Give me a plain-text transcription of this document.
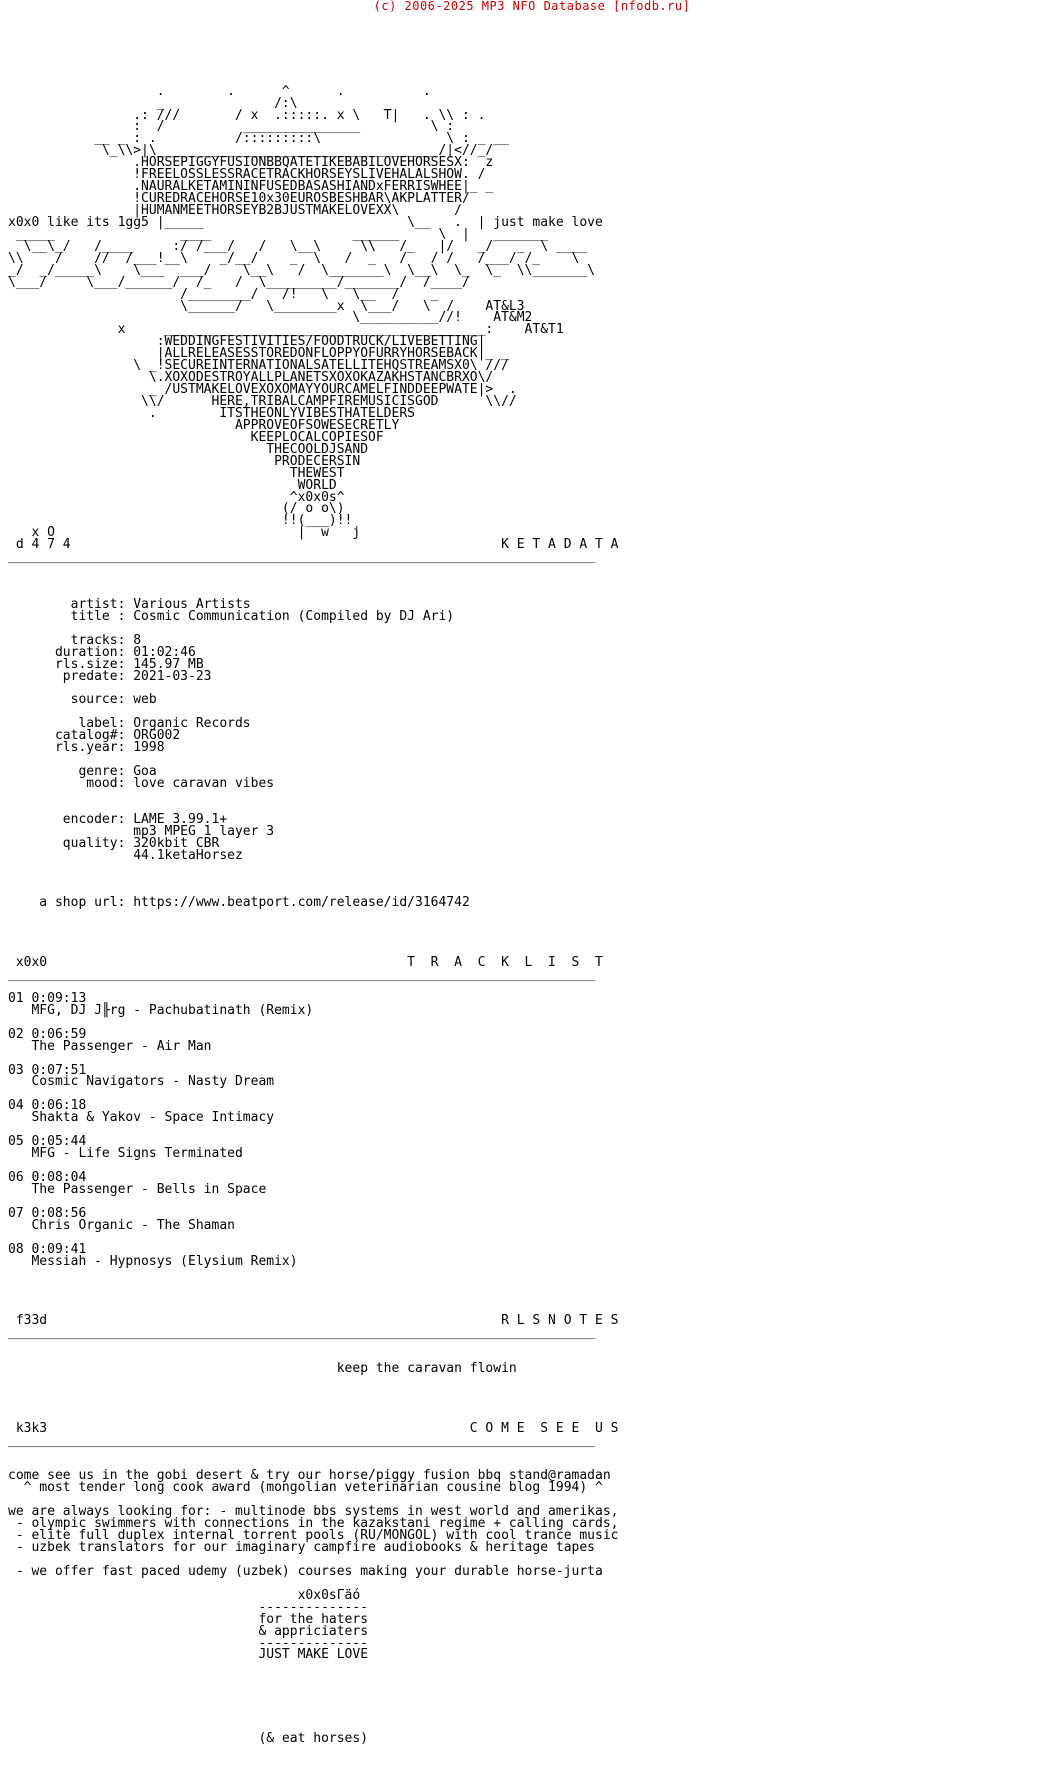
(c) 2006-2025 MP3 NFO Database [nfodb.ru]

.        .      ^      .          .
_              /:\           _
.: ///       / x  .:::::. x \   T|   . \\ : .
:  /          _______________         \ :
__ _ : .          /:::::::::\                \ : _ __
\_\\>|\____________________________________/|<//_/
.HORSEPIGGYFUSIONBBQATETIKEBABILOVEHORSESX:  z
!FREELOSSLESSRACETRACKHORSEYSLIVEHALALSHOW. /
.NAURALKETAMININFUSEDBASASHIANDxFERRISWHEE|_ _
!CUREDRACEHORSE10x30EUROSBESHBAR\AKPLATTER/
|HUMANMEETHORSEYB2BJUSTMAKELOVEXX\       /
x0x0 like its 1gg5 |_____                          \__   .  | just make love
_____                ____                  ______     \  |   _______
\__\_/   /____     :/ /___/   /   \__\     \\   /_   |/   _/   _  \ ____
\\    /    //  /___!__\    _/__/    _  \   /  _   /   / /   /___/ /_    \
_/  _/_____\    \___  ___/    \__\   /  \_______\  \__\  \_  \_  \\_______\
\___/     \___/______/  /_   /  \_________/_______/  /____/
/________/   /!   \   \__  /    _
\______/   \________x  \___/   \  /    AT&L3
\__________//!    AT&M2
x     _________________________________________:    AT&T1
:WEDDINGFESTIVITIES/FOODTRUCK/LIVEBETTING|
|ALLRELEASESSTOREDONFLOPPYOFURRYHORSEBACK|_ _
\ _!SECUREINTERNATIONALSATELLITEHQSTREAMSX0\ ///
\.XOXODESTROYALLPLANETSXOXOKAZAKHSTANCBRXO\/
_ /USTMAKELOVEXOXOMAYYOURCAMELFINDDEEPWATE|>  .
\\/      HERE,TRIBALCAMPFIREMUSICISGOD      \\//
.        ITSTHEONLYVIBESTHATELDERS
APPROVEOFSOWESECRETLY
KEEPLOCALCOPIESOF
THECOOLDJSAND
PRODECERSIN
THEWEST
WORLD
^x0x0s^
(/ o o\)
!!(___)!!
x O                               |  w   j
d 4 7 4                                                       K E T A D A T A
___________________________________________________________________________

artist: Various Artists
title : Cosmic Communication (Compiled by DJ Ari)

tracks: 8
duration: 01:02:46
rls.size: 145.97 MB
predate: 2021-03-23

source: web

label: Organic Records
catalog#: ORG002
rls.year: 1998

genre: Goa
mood: love caravan vibes

encoder: LAME 3.99.1+
mp3 MPEG 1 layer 3
quality: 320kbit CBR
44.1ketaHorsez

a shop url: https://www.beatport.com/release/id/3164742

x0x0                                              T  R  A  C  K  L  I  S  T
___________________________________________________________________________

01 0:09:13
MFG, DJ J╟rg - Pachubatinath (Remix)

02 0:06:59
The Passenger - Air Man

03 0:07:51
Cosmic Navigators - Nasty Dream

04 0:06:18
Shakta & Yakov - Space Intimacy

05 0:05:44
MFG - Life Signs Terminated

06 0:08:04
The Passenger - Bells in Space

07 0:08:56
Chris Organic - The Shaman

08 0:09:41
Messiah - Hypnosys (Elysium Remix)

f33d                                                          R L S N O T E S
___________________________________________________________________________

keep the caravan flowin

k3k3                                                      C O M E  S E E  U S
___________________________________________________________________________

come see us in the gobi desert & try our horse/piggy fusion bbq stand@ramadan
^ most tender long cook award (mongolian veterinarian cousine blog 1994) ^

we are always looking for: - multinode bbs systems in west world and amerikas,
- olympic swimmers with connections in the kazakstani regime + calling cards,
- elite full duplex internal torrent pools (RU/MONGOL) with cool trance music
- uzbek translators for our imaginary campfire audiobooks & heritage tapes

- we offer fast paced udemy (uzbek) courses making your durable horse-jurta

x0x0sГäó
--------------
for the haters
& appriciaters
--------------
JUST MAKE LOVE

(& eat horses)
